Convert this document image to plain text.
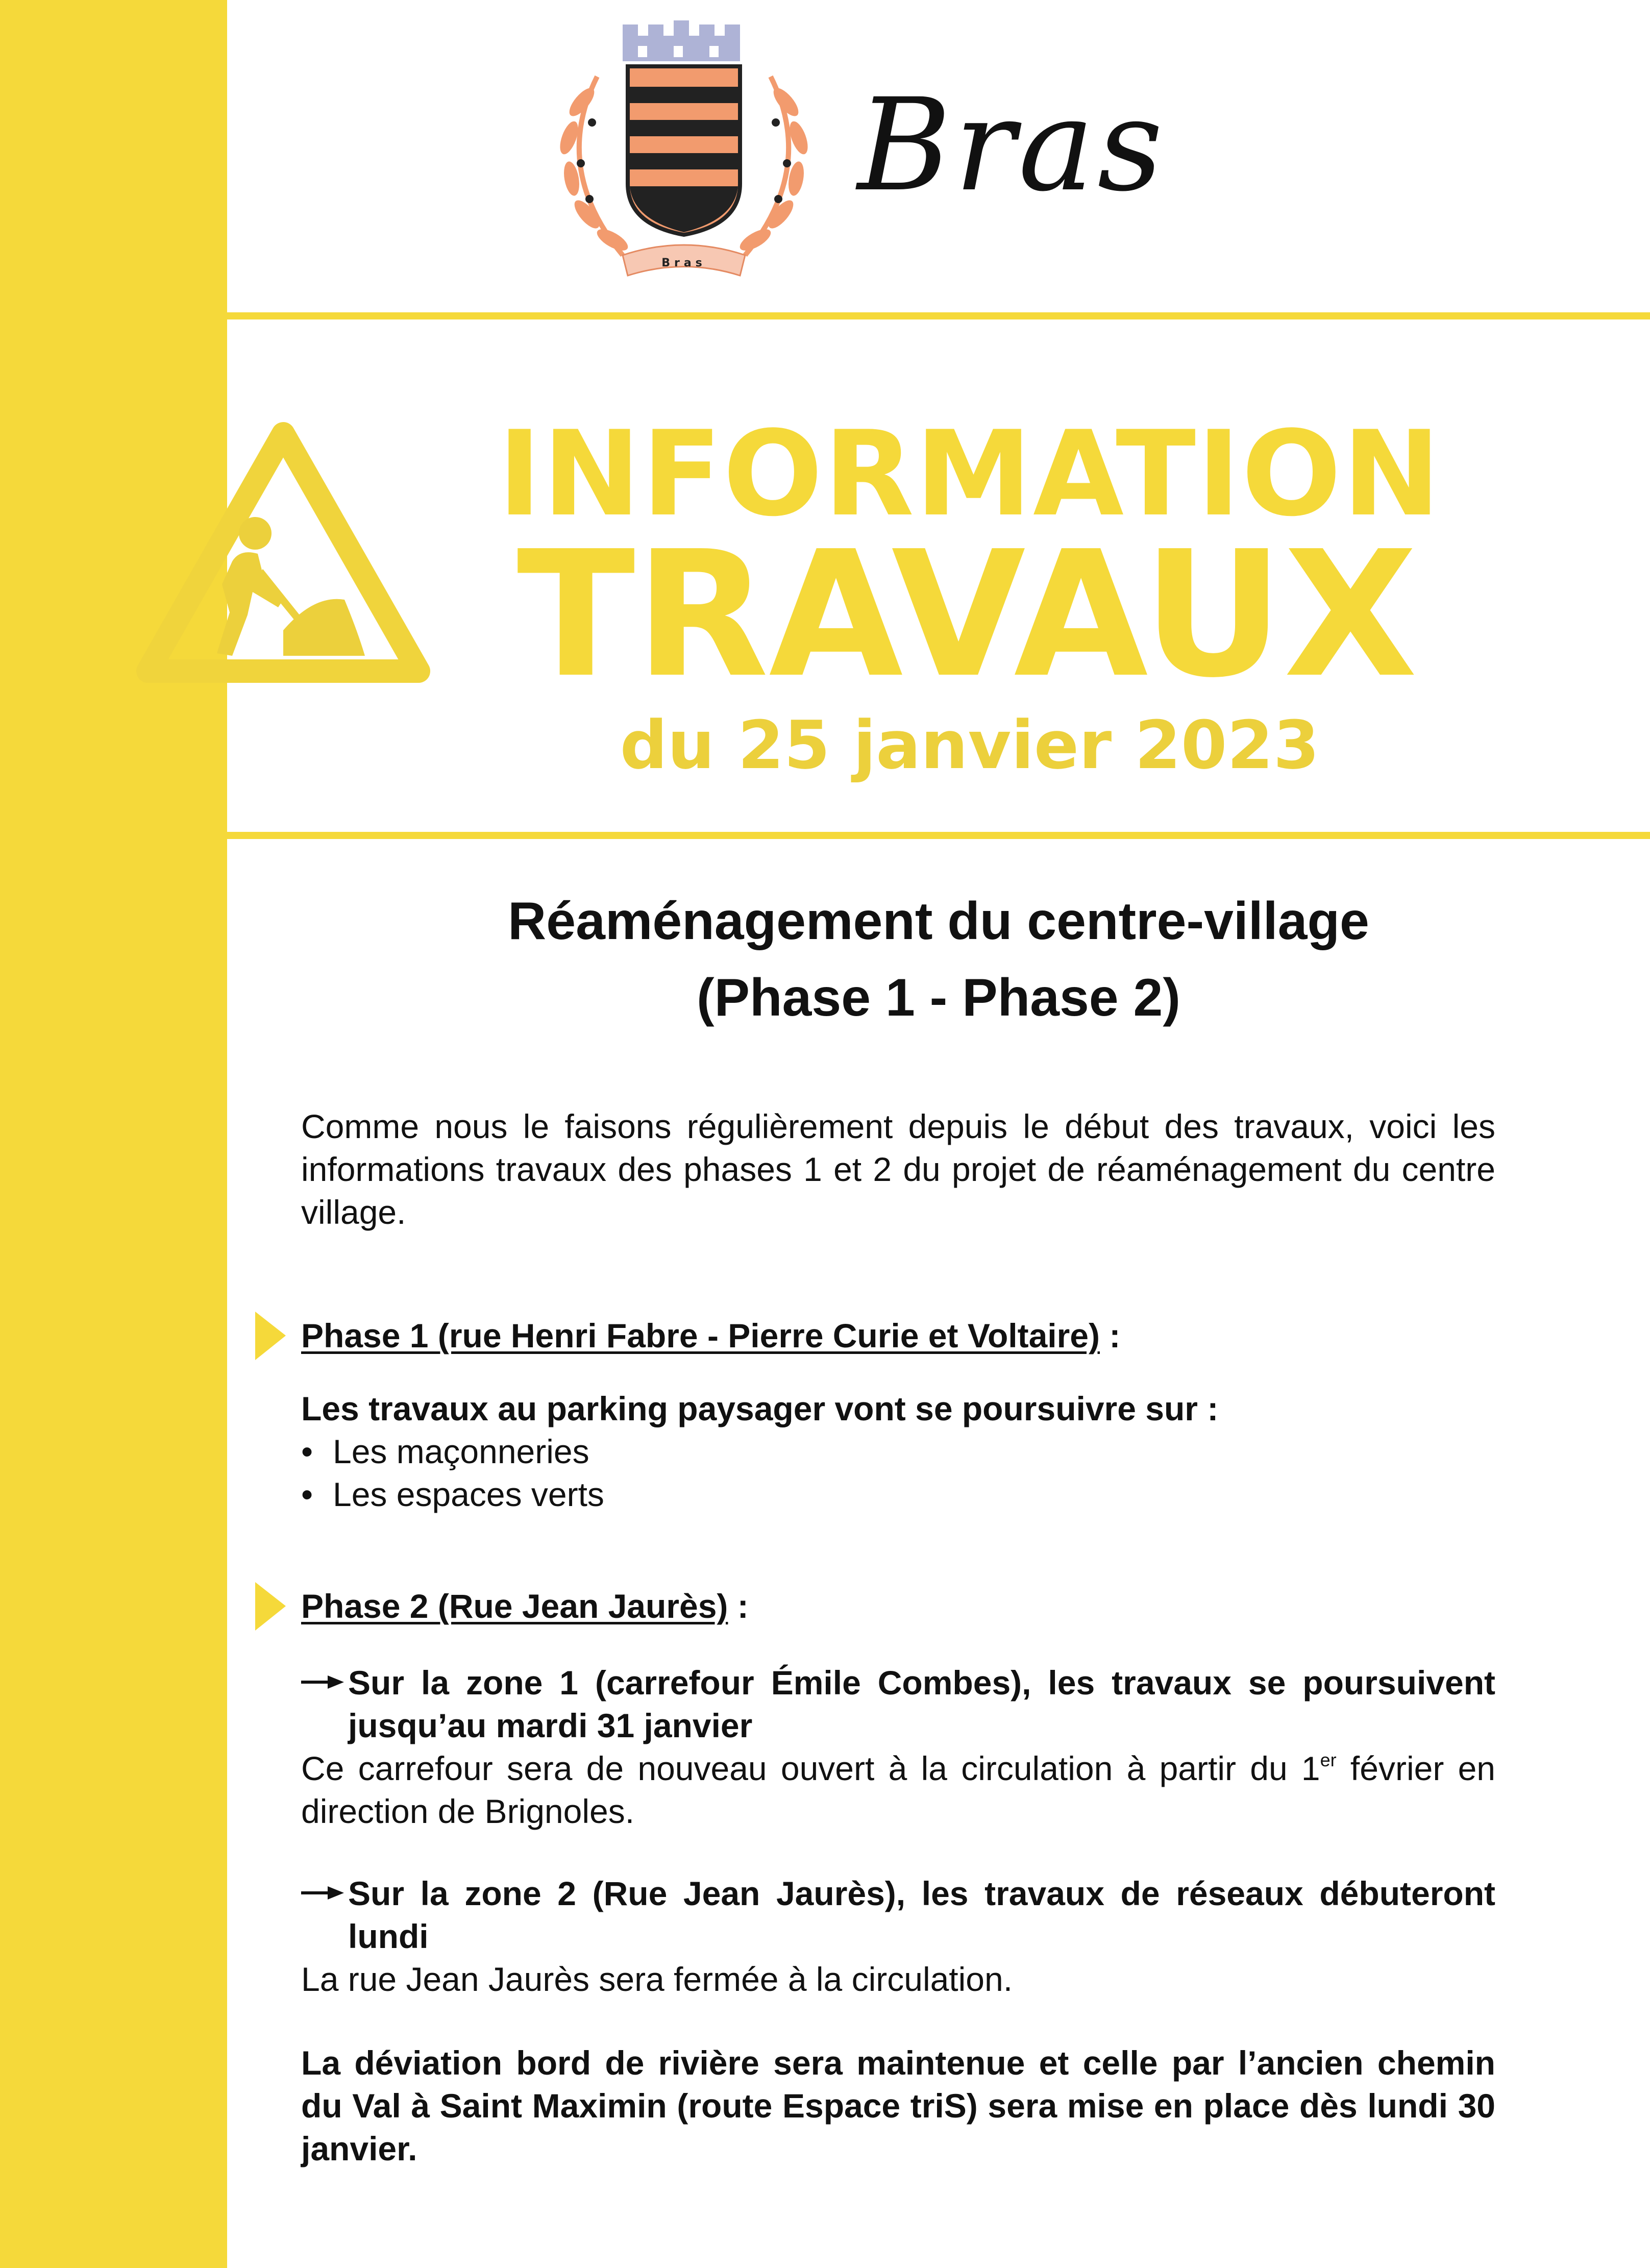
Bras
Bras
INFORMATION
TRAVAUX
du 25 janvier 2023
Réaménagement du centre-village
(Phase 1 - Phase 2)
Comme nous le faisons régulièrement depuis le début des travaux, voici les informations travaux des phases 1 et 2 du projet de réaménagement du centre village.
Phase 1 (rue Henri Fabre - Pierre Curie et Voltaire) :
Les travaux au parking paysager vont se poursuivre sur :
• Les maçonneries
• Les espaces verts
Phase 2 (Rue Jean Jaurès) :
Sur la zone 1 (carrefour Émile Combes), les travaux se poursuivent jusqu’au mardi 31 janvier
Ce carrefour sera de nouveau ouvert à la circulation à partir du 1er février en direction de Brignoles.
Sur la zone 2 (Rue Jean Jaurès), les travaux de réseaux débuteront lundi
La rue Jean Jaurès sera fermée à la circulation.
La déviation bord de rivière sera maintenue et celle par l’ancien chemin du Val à Saint Maximin (route Espace triS) sera mise en place dès lundi 30 janvier.
